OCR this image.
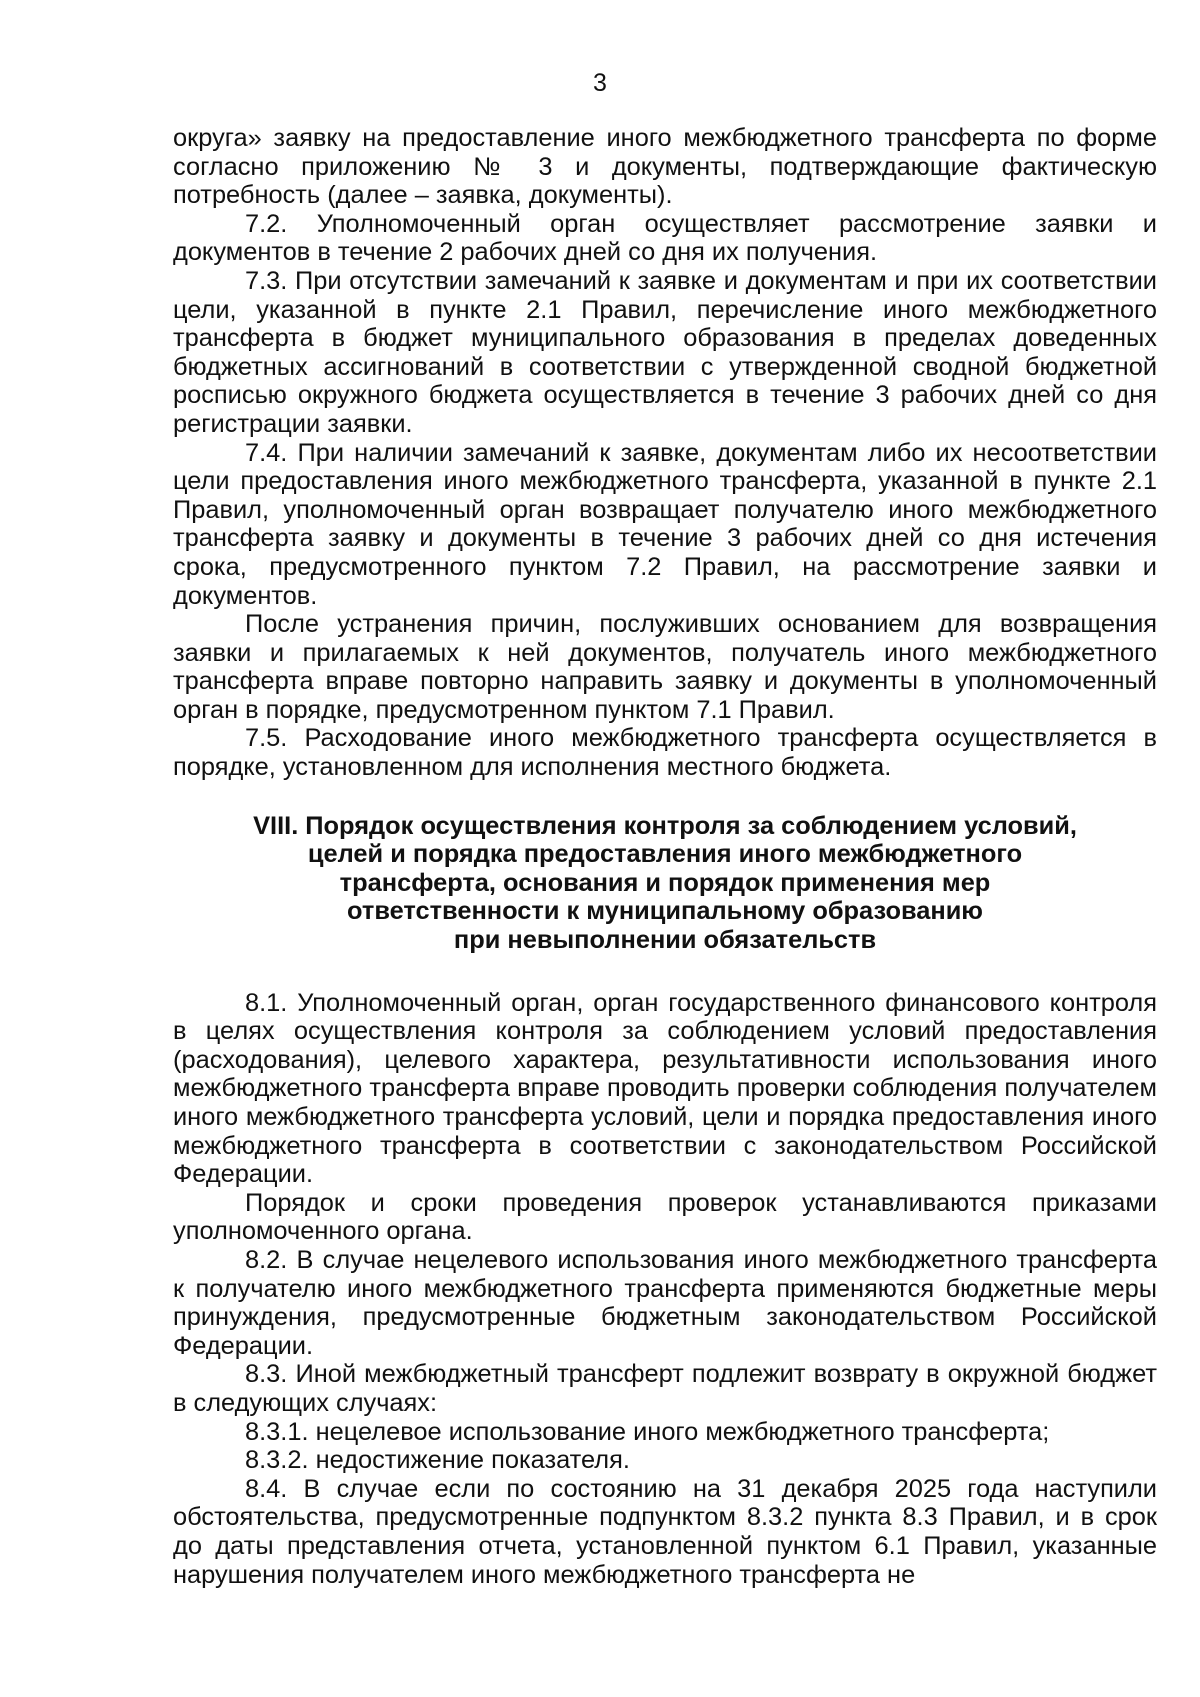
3

округа» заявку на предоставление иного межбюджетного трансферта по форме согласно приложению № 3 и документы, подтверждающие фактическую потребность (далее – заявка, документы).

7.2. Уполномоченный орган осуществляет рассмотрение заявки и документов в течение 2 рабочих дней со дня их получения.

7.3. При отсутствии замечаний к заявке и документам и при их соответствии цели, указанной в пункте 2.1 Правил, перечисление иного межбюджетного трансферта в бюджет муниципального образования в пределах доведенных бюджетных ассигнований в соответствии с утвержденной сводной бюджетной росписью окружного бюджета осуществляется в течение 3 рабочих дней со дня регистрации заявки.

7.4. При наличии замечаний к заявке, документам либо их несоответствии цели предоставления иного межбюджетного трансферта, указанной в пункте 2.1 Правил, уполномоченный орган возвращает получателю иного межбюджетного трансферта заявку и документы в течение 3 рабочих дней со дня истечения срока, предусмотренного пунктом 7.2 Правил, на рассмотрение заявки и документов.

После устранения причин, послуживших основанием для возвращения заявки и прилагаемых к ней документов, получатель иного межбюджетного трансферта вправе повторно направить заявку и документы в уполномоченный орган в порядке, предусмотренном пунктом 7.1 Правил.

7.5. Расходование иного межбюджетного трансферта осуществляется в порядке, установленном для исполнения местного бюджета.

VIII. Порядок осуществления контроля за соблюдением условий,
целей и порядка предоставления иного межбюджетного
трансферта, основания и порядок применения мер
ответственности к муниципальному образованию
при невыполнении обязательств

8.1. Уполномоченный орган, орган государственного финансового контроля в целях осуществления контроля за соблюдением условий предоставления (расходования), целевого характера, результативности использования иного межбюджетного трансферта вправе проводить проверки соблюдения получателем иного межбюджетного трансферта условий, цели и порядка предоставления иного межбюджетного трансферта в соответствии с законодательством Российской Федерации.

Порядок и сроки проведения проверок устанавливаются приказами уполномоченного органа.

8.2. В случае нецелевого использования иного межбюджетного трансферта к получателю иного межбюджетного трансферта применяются бюджетные меры принуждения, предусмотренные бюджетным законодательством Российской Федерации.

8.3. Иной межбюджетный трансферт подлежит возврату в окружной бюджет в следующих случаях:

8.3.1. нецелевое использование иного межбюджетного трансферта;

8.3.2. недостижение показателя.

8.4. В случае если по состоянию на 31 декабря 2025 года наступили обстоятельства, предусмотренные подпунктом 8.3.2 пункта 8.3 Правил, и в срок до даты представления отчета, установленной пунктом 6.1 Правил, указанные нарушения получателем иного межбюджетного трансферта не
